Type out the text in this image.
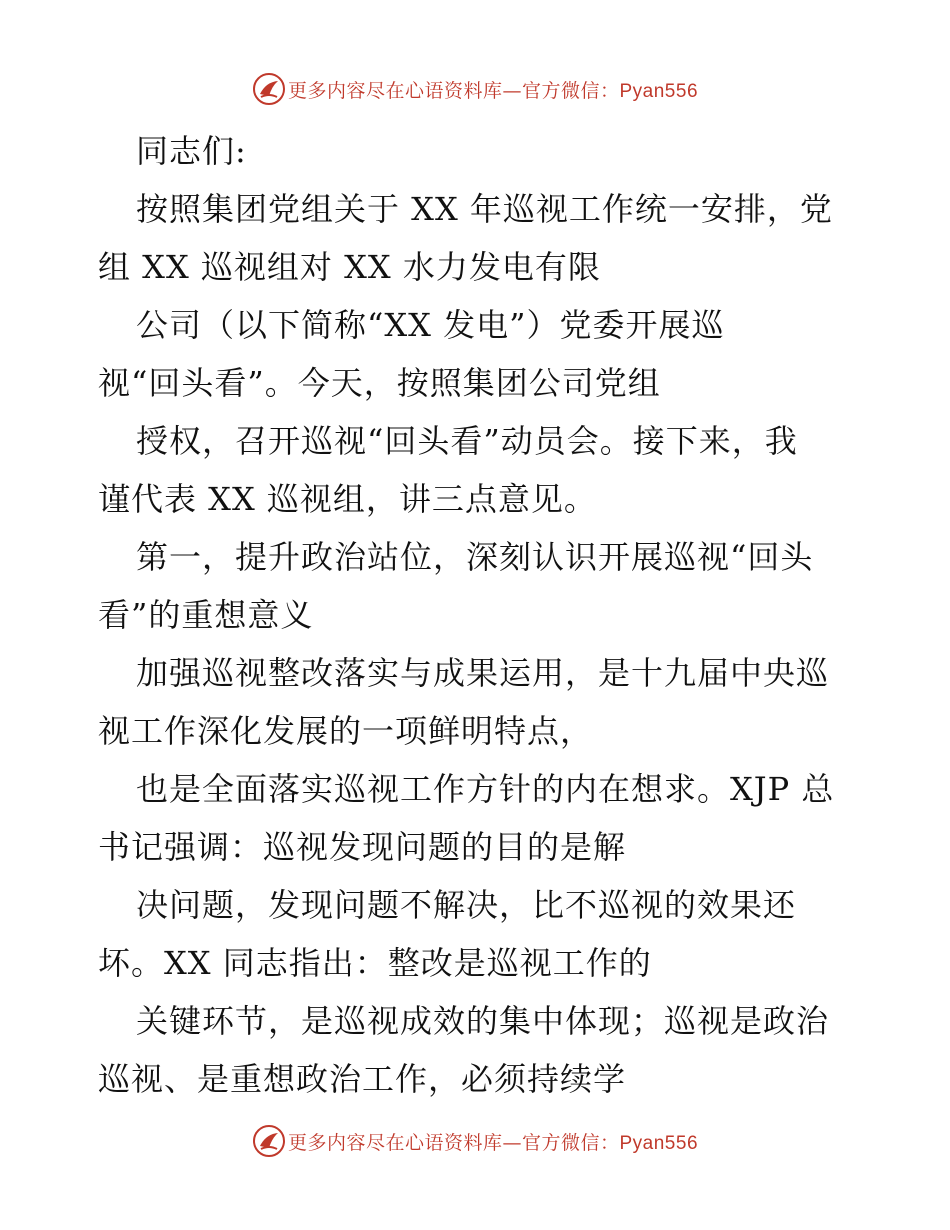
更多内容尽在心语资料库—官方微信：Pyan556
同志们:
按照集团党组关于 XX 年巡视工作统一安排，党
组 XX 巡视组对 XX 水力发电有限
公司（以下简称“XX 发电”）党委开展巡
视“回头看”。今天，按照集团公司党组
授权，召开巡视“回头看”动员会。接下来，我
谨代表 XX 巡视组，讲三点意见。
第一，提升政治站位，深刻认识开展巡视“回头
看”的重想意义
加强巡视整改落实与成果运用，是十九届中央巡
视工作深化发展的一项鲜明特点，
也是全面落实巡视工作方针的内在想求。XJP 总
书记强调：巡视发现问题的目的是解
决问题，发现问题不解决，比不巡视的效果还
坏。XX 同志指出：整改是巡视工作的
关键环节，是巡视成效的集中体现；巡视是政治
巡视、是重想政治工作，必须持续学
更多内容尽在心语资料库—官方微信：Pyan556
